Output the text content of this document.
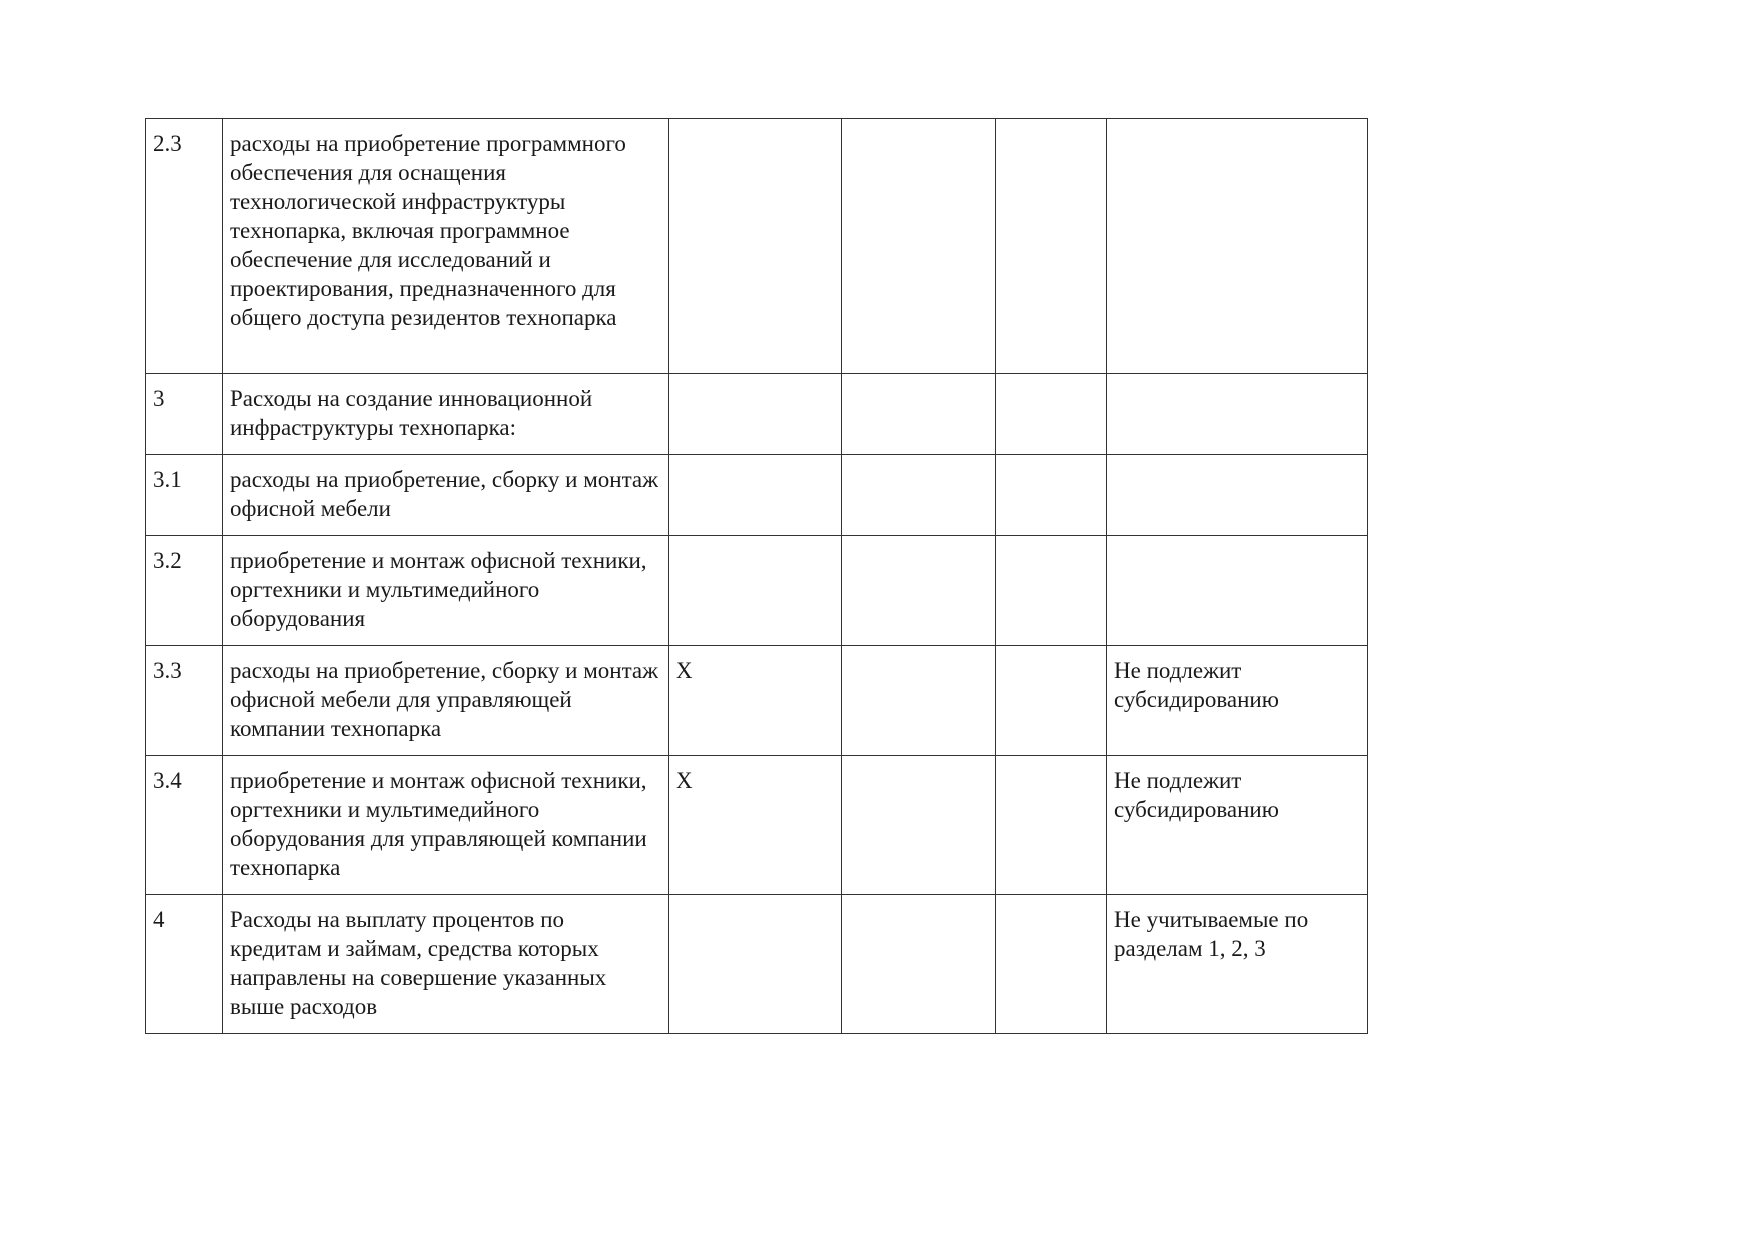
2.3	расходы на приобретение программного обеспечения для оснащения технологической инфраструктуры технопарка, включая программное обеспечение для исследований и проектирования, предназначенного для общего доступа резидентов технопарка				
3	Расходы на создание инновационной инфраструктуры технопарка:				
3.1	расходы на приобретение, сборку и монтаж офисной мебели				
3.2	приобретение и монтаж офисной техники, оргтехники и мультимедийного оборудования				
3.3	расходы на приобретение, сборку и монтаж офисной мебели для управляющей компании технопарка	X			Не подлежит субсидированию
3.4	приобретение и монтаж офисной техники, оргтехники и мультимедийного оборудования для управляющей компании технопарка	X			Не подлежит субсидированию
4	Расходы на выплату процентов по кредитам и займам, средства которых направлены на совершение указанных выше расходов				Не учитываемые по разделам 1, 2, 3
